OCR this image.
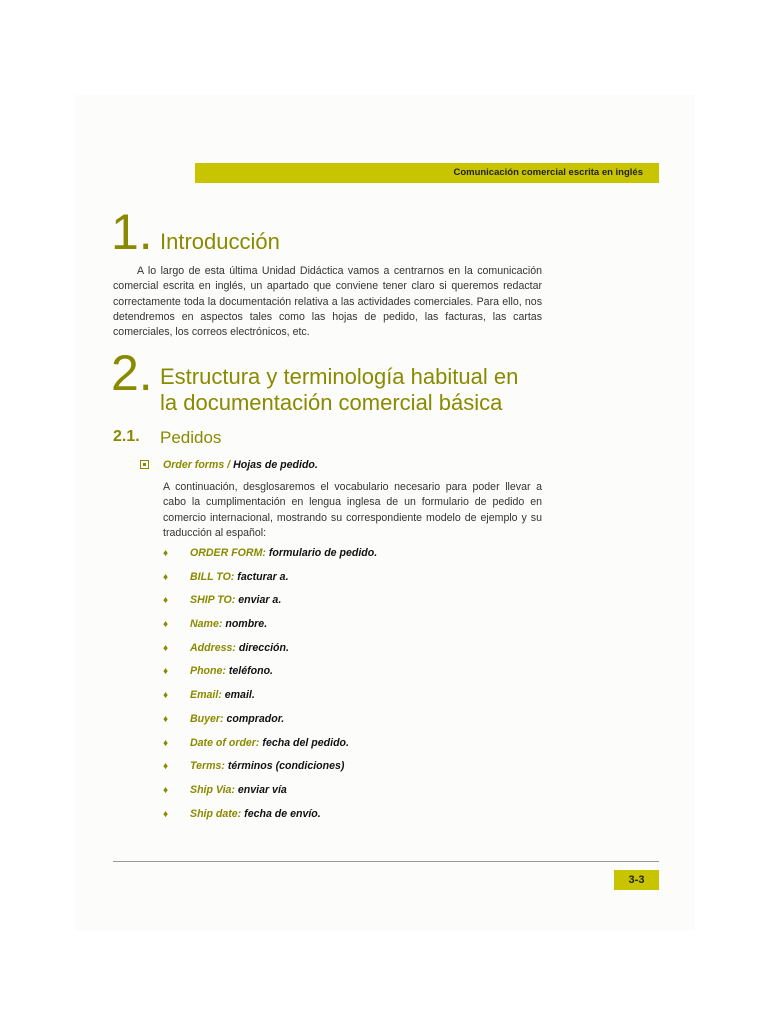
Comunicación comercial escrita en inglés
1. Introducción
A lo largo de esta última Unidad Didáctica vamos a centrarnos en la comunicación comercial escrita en inglés, un apartado que conviene tener claro si queremos redactar correctamente toda la documentación relativa a las actividades comerciales. Para ello, nos detendremos en aspectos tales como las hojas de pedido, las facturas, las cartas comerciales, los correos electrónicos, etc.
2. Estructura y terminología habitual en
la documentación comercial básica
2.1. Pedidos
Order forms / Hojas de pedido.
A continuación, desglosaremos el vocabulario necesario para poder llevar a cabo la cumplimentación en lengua inglesa de un formulario de pedido en comercio internacional, mostrando su correspondiente modelo de ejemplo y su traducción al español:
♦	ORDER FORM: formulario de pedido.
♦	BILL TO: facturar a.
♦	SHIP TO: enviar a.
♦	Name: nombre.
♦	Address: dirección.
♦	Phone: teléfono.
♦	Email: email.
♦	Buyer: comprador.
♦	Date of order: fecha del pedido.
♦	Terms: términos (condiciones)
♦	Ship Via: enviar vía
♦	Ship date: fecha de envío.
3-3
